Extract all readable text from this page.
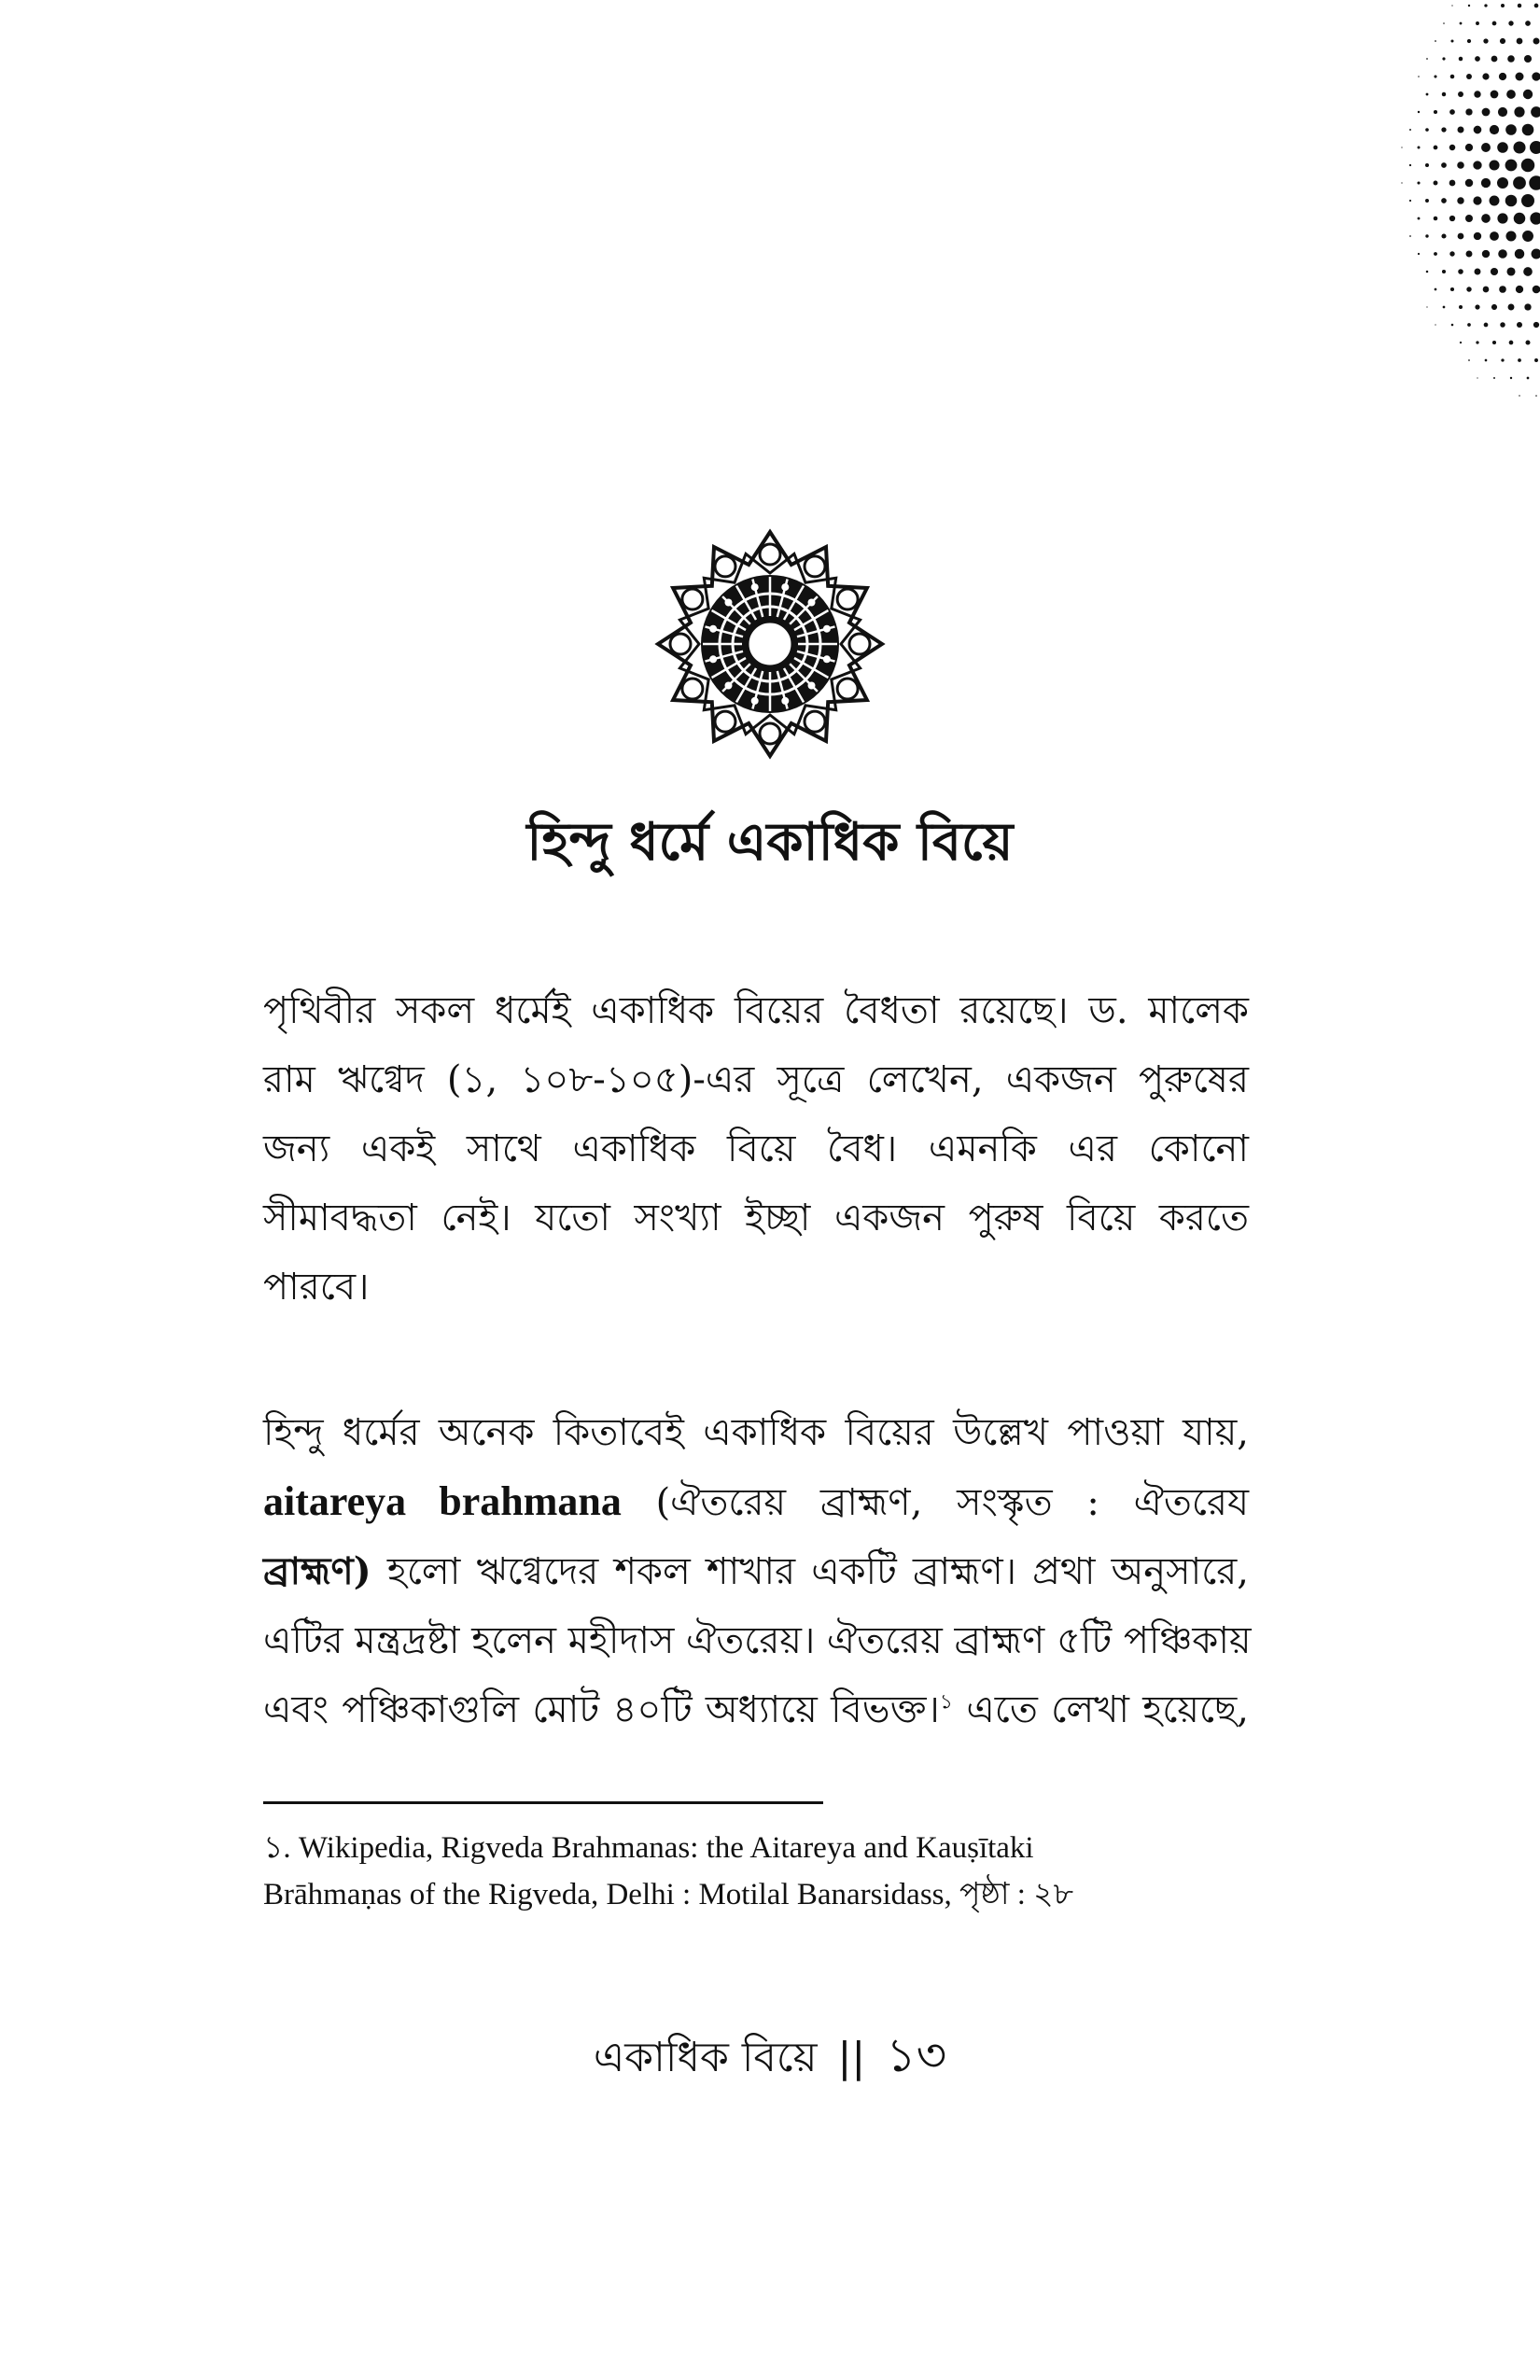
হিন্দু ধর্মে একাধিক বিয়ে
পৃথিবীর সকল ধর্মেই একাধিক বিয়ের বৈধতা রয়েছে। ড. মালেক
রাম ঋগ্বেদ (১, ১০৮-১০৫)-এর সূত্রে লেখেন, একজন পুরুষের
জন্য একই সাথে একাধিক বিয়ে বৈধ। এমনকি এর কোনো
সীমাবদ্ধতা নেই। যতো সংখ্যা ইচ্ছা একজন পুরুষ বিয়ে করতে
পারবে।
হিন্দু ধর্মের অনেক কিতাবেই একাধিক বিয়ের উল্লেখ পাওয়া যায়,
aitareya brahmana (ঐতরেয় ব্রাহ্মণ, সংস্কৃত : ঐতরেয
ব্রাহ্মণ) হলো ঋগ্বেদের শকল শাখার একটি ব্রাহ্মণ। প্রথা অনুসারে,
এটির মন্ত্রদ্রষ্টা হলেন মহীদাস ঐতরেয়। ঐতরেয় ব্রাহ্মণ ৫টি পঞ্চিকায়
এবং পঞ্চিকাগুলি মোট ৪০টি অধ্যায়ে বিভক্ত।$^১$ এতে লেখা হয়েছে,
১. Wikipedia, Rigveda Brahmanas: the Aitareya and Kauṣītaki
Brāhmaṇas of the Rigveda, Delhi : Motilal Banarsidass, পৃষ্ঠা : ২৮
একাধিক বিয়ে || ১৩
